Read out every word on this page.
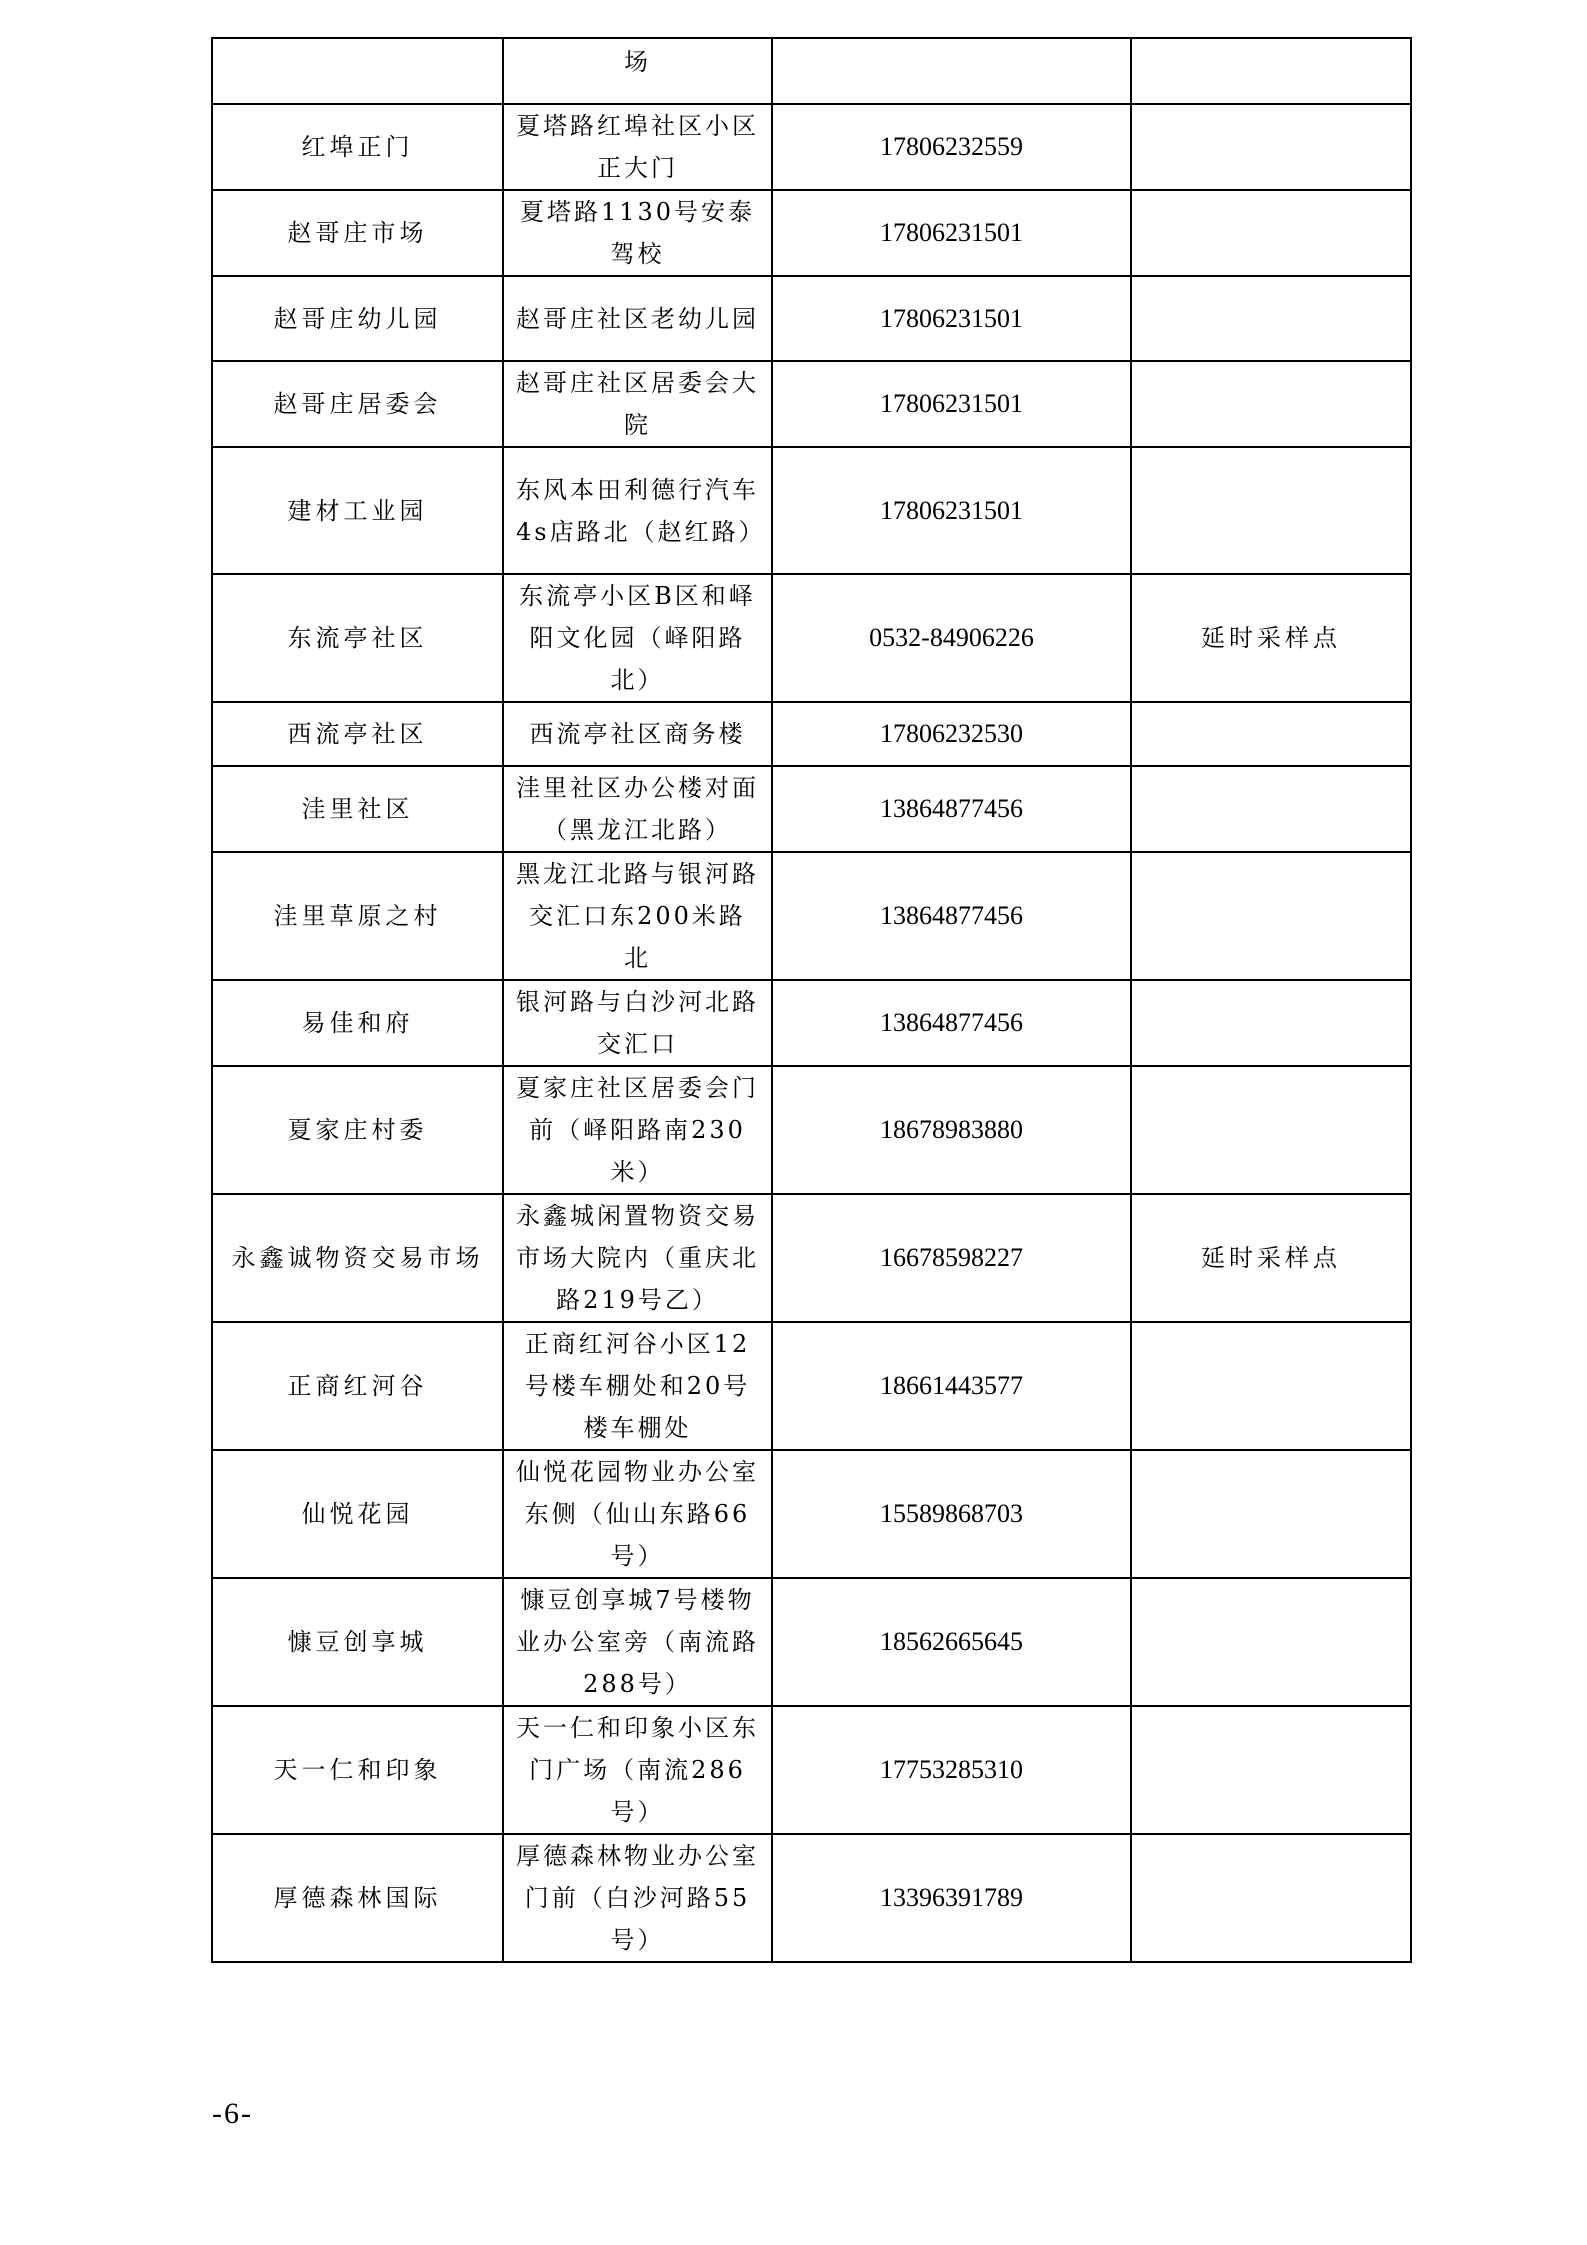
	场		
红埠正门	夏塔路红埠社区小区正大门	17806232559	
赵哥庄市场	夏塔路1130号安泰驾校	17806231501	
赵哥庄幼儿园	赵哥庄社区老幼儿园	17806231501	
赵哥庄居委会	赵哥庄社区居委会大院	17806231501	
建材工业园	东风本田利德行汽车4s店路北（赵红路）	17806231501	
东流亭社区	东流亭小区B区和峄阳文化园（峄阳路北）	0532-84906226	延时采样点
西流亭社区	西流亭社区商务楼	17806232530	
洼里社区	洼里社区办公楼对面（黑龙江北路）	13864877456	
洼里草原之村	黑龙江北路与银河路交汇口东200米路北	13864877456	
易佳和府	银河路与白沙河北路交汇口	13864877456	
夏家庄村委	夏家庄社区居委会门前（峄阳路南230米）	18678983880	
永鑫诚物资交易市场	永鑫城闲置物资交易市场大院内（重庆北路219号乙）	16678598227	延时采样点
正商红河谷	正商红河谷小区12号楼车棚处和20号楼车棚处	18661443577	
仙悦花园	仙悦花园物业办公室东侧（仙山东路66号）	15589868703	
慷豆创享城	慷豆创享城7号楼物业办公室旁（南流路288号）	18562665645	
天一仁和印象	天一仁和印象小区东门广场（南流286号）	17753285310	
厚德森林国际	厚德森林物业办公室门前（白沙河路55号）	13396391789	
-6-
